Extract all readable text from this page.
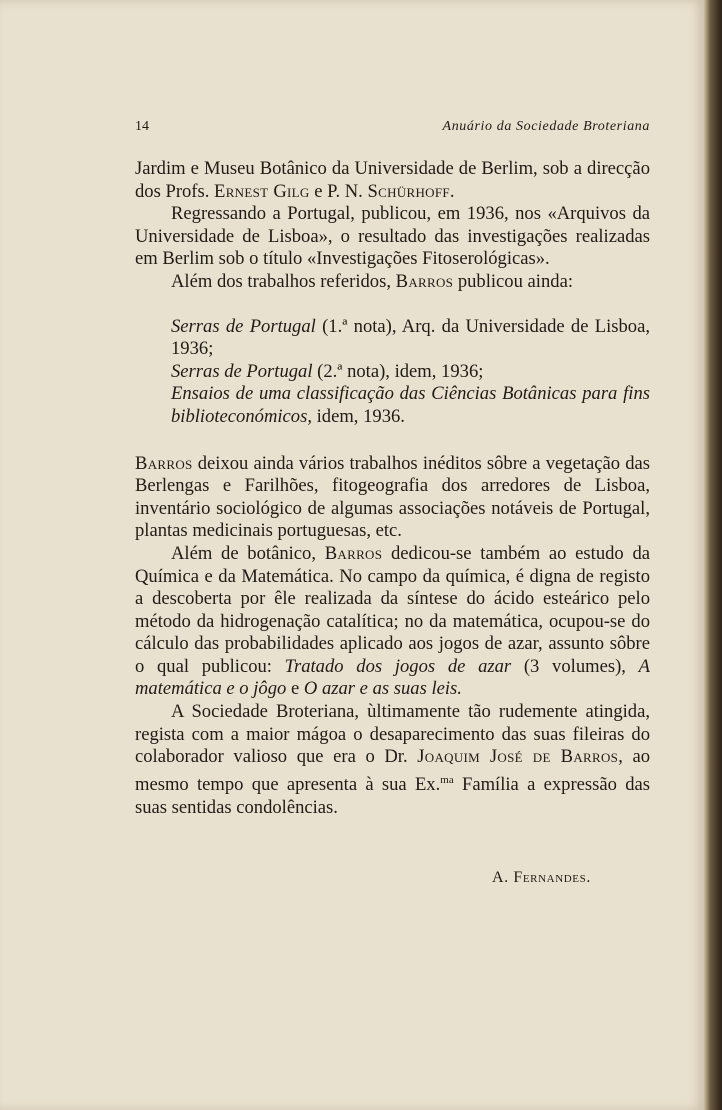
14	Anuário da Sociedade Broteriana

Jardim e Museu Botânico da Universidade de Berlim, sob a direcção dos Profs. Ernest Gilg e P. N. Schürhoff.

Regressando a Portugal, publicou, em 1936, nos «Arquivos da Universidade de Lisboa», o resultado das investigações realizadas em Berlim sob o título «Investigações Fitoserológicas».

Além dos trabalhos referidos, Barros publicou ainda:

Serras de Portugal (1.ª nota), Arq. da Universidade de Lisboa, 1936;

Serras de Portugal (2.ª nota), idem, 1936;

Ensaios de uma classificação das Ciências Botânicas para fins biblioteconómicos, idem, 1936.

Barros deixou ainda vários trabalhos inéditos sôbre a vegetação das Berlengas e Farilhões, fitogeografia dos arredores de Lisboa, inventário sociológico de algumas associações notáveis de Portugal, plantas medicinais portuguesas, etc.

Além de botânico, Barros dedicou-se também ao estudo da Química e da Matemática. No campo da química, é digna de registo a descoberta por êle realizada da síntese do ácido esteárico pelo método da hidrogenação catalítica; no da matemática, ocupou-se do cálculo das probabilidades aplicado aos jogos de azar, assunto sôbre o qual publicou: Tratado dos jogos de azar (3 volumes), A matemática e o jôgo e O azar e as suas leis.

A Sociedade Broteriana, ùltimamente tão rudemente atingida, regista com a maior mágoa o desaparecimento das suas fileiras do colaborador valioso que era o Dr. Joaquim José de Barros, ao mesmo tempo que apresenta à sua Ex.$^{ma}$ Família a expressão das suas sentidas condolências.

A. Fernandes.
